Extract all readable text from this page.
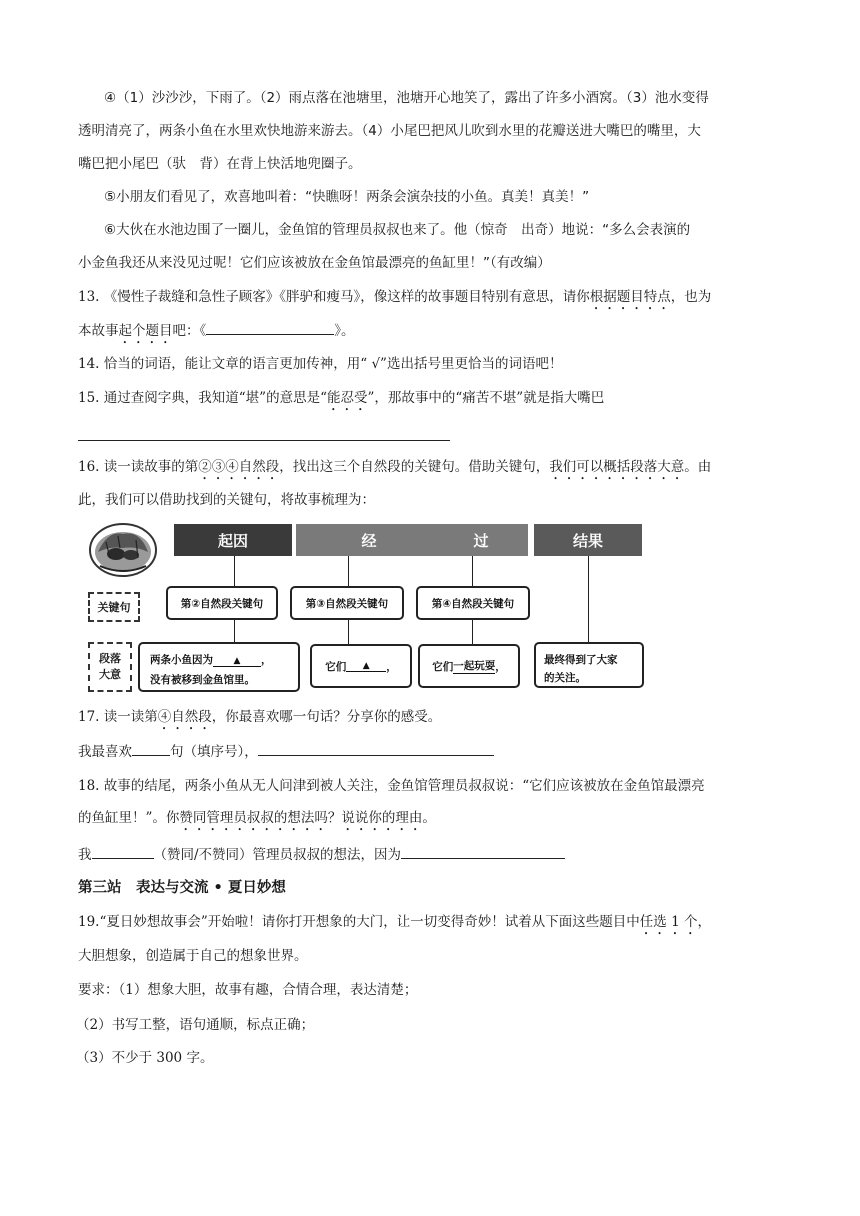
④（1）沙沙沙，下雨了。（2）雨点落在池塘里，池塘开心地笑了，露出了许多小酒窝。（3）池水变得
透明清亮了，两条小鱼在水里欢快地游来游去。（4）小尾巴把风儿吹到水里的花瓣送进大嘴巴的嘴里，大
嘴巴把小尾巴（驮　背）在背上快活地兜圈子。
⑤小朋友们看见了，欢喜地叫着：“快瞧呀！两条会演杂技的小鱼。真美！真美！”
⑥大伙在水池边围了一圈儿，金鱼馆的管理员叔叔也来了。他（惊奇　出奇）地说：“多么会表演的
小金鱼我还从来没见过呢！它们应该被放在金鱼馆最漂亮的鱼缸里！”（有改编）
13. 《慢性子裁缝和急性子顾客》《胖驴和瘦马》，像这样的故事题目特别有意思，请你根据题目特点，也为
本故事起个题目吧：《	》。
14. 恰当的词语，能让文章的语言更加传神，用“ √”选出括号里更恰当的词语吧！
15. 通过查阅字典，我知道“堪”的意思是“能忍受”，那故事中的“痛苦不堪”就是指大嘴巴
16. 读一读故事的第②③④自然段，找出这三个自然段的关键句。借助关键句，我们可以概括段落大意。由
此，我们可以借助找到的关键句，将故事梳理为：
起因	经	过	结果
关键句
段落
大意
第②自然段关键句	第③自然段关键句	第④自然段关键句
两条小鱼因为 ▲ ，
没有被移到金鱼馆里。
它们	▲	，	它们 一起玩耍 ，
最终得到了大家
的关注。
17. 读一读第④自然段，你最喜欢哪一句话？分享你的感受。
我最喜欢	句（填序号），
18. 故事的结尾，两条小鱼从无人问津到被人关注，金鱼馆管理员叔叔说：“它们应该被放在金鱼馆最漂亮
的鱼缸里！”。你赞同管理员叔叔的想法吗？说说你的理由。
我	（赞同/不赞同）管理员叔叔的想法，因为
第三站　表达与交流 • 夏日妙想
19.“夏日妙想故事会”开始啦！请你打开想象的大门，让一切变得奇妙！试着从下面这些题目中任选 1 个，
大胆想象，创造属于自己的想象世界。
要求：（1）想象大胆，故事有趣，合情合理，表达清楚；
（2）书写工整，语句通顺，标点正确；
（3）不少于 300 字。
